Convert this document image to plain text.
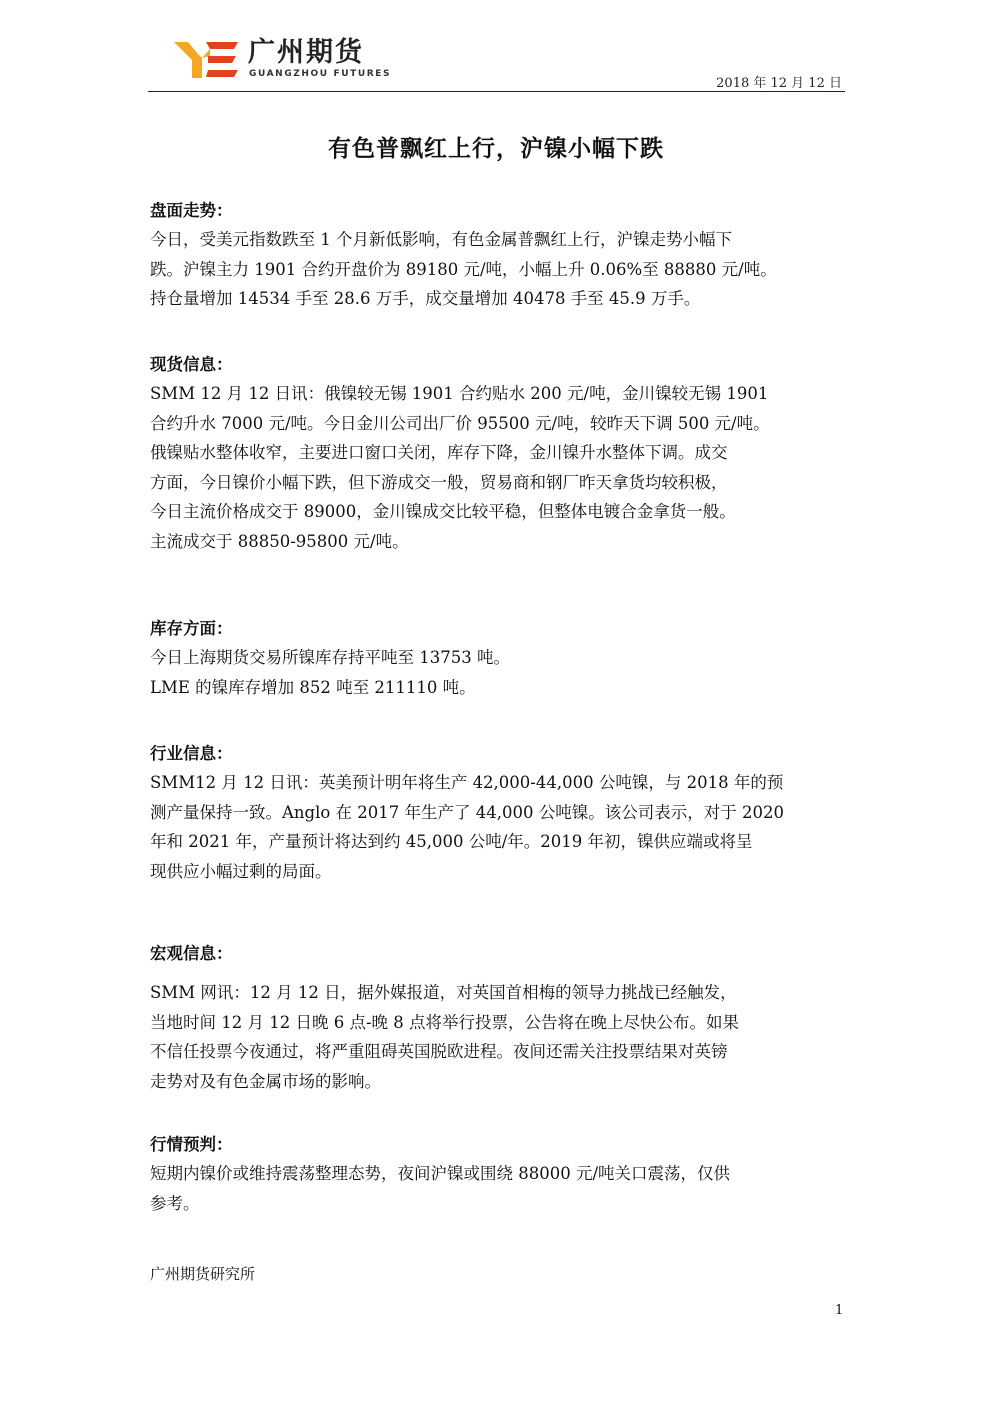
广州期货
GUANGZHOU FUTURES
2018 年 12 月 12 日
有色普飘红上行，沪镍小幅下跌
盘面走势：
今日，受美元指数跌至 1 个月新低影响，有色金属普飘红上行，沪镍走势小幅下
跌。沪镍主力 1901 合约开盘价为 89180 元/吨，小幅上升 0.06%至 88880 元/吨。
持仓量增加 14534 手至 28.6 万手，成交量增加 40478 手至 45.9 万手。
现货信息：
SMM 12 月 12 日讯：俄镍较无锡 1901 合约贴水 200 元/吨，金川镍较无锡 1901
合约升水 7000 元/吨。今日金川公司出厂价 95500 元/吨，较昨天下调 500 元/吨。
俄镍贴水整体收窄，主要进口窗口关闭，库存下降，金川镍升水整体下调。成交
方面，今日镍价小幅下跌，但下游成交一般，贸易商和钢厂昨天拿货均较积极，
今日主流价格成交于 89000，金川镍成交比较平稳，但整体电镀合金拿货一般。
主流成交于 88850-95800 元/吨。
库存方面：
今日上海期货交易所镍库存持平吨至 13753 吨。
LME 的镍库存增加 852 吨至 211110 吨。
行业信息：
SMM12 月 12 日讯：英美预计明年将生产 42,000-44,000 公吨镍，与 2018 年的预
测产量保持一致。Anglo 在 2017 年生产了 44,000 公吨镍。该公司表示，对于 2020
年和 2021 年，产量预计将达到约 45,000 公吨/年。2019 年初，镍供应端或将呈
现供应小幅过剩的局面。
宏观信息：
SMM 网讯：12 月 12 日，据外媒报道，对英国首相梅的领导力挑战已经触发，
当地时间 12 月 12 日晚 6 点-晚 8 点将举行投票，公告将在晚上尽快公布。如果
不信任投票今夜通过，将严重阻碍英国脱欧进程。夜间还需关注投票结果对英镑
走势对及有色金属市场的影响。
行情预判：
短期内镍价或维持震荡整理态势，夜间沪镍或围绕 88000 元/吨关口震荡，仅供
参考。
广州期货研究所
1
